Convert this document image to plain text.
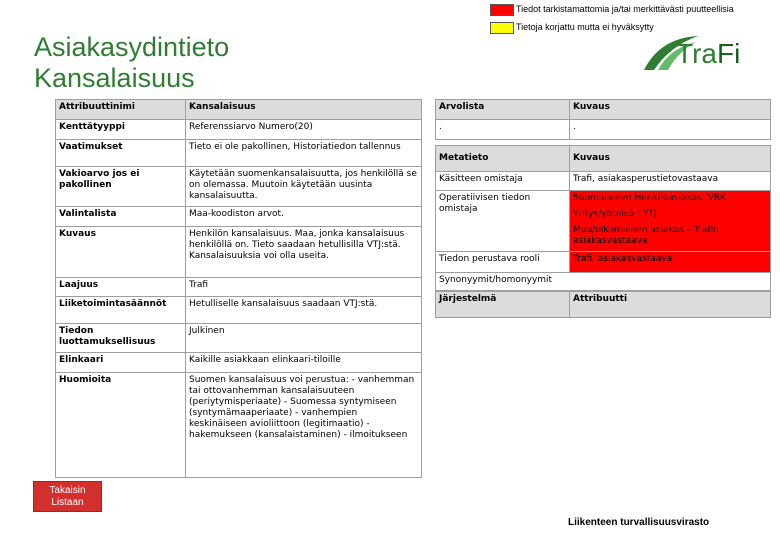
Tiedot tarkistamattomia ja/tai merkittävästi puutteellisia
Tietoja korjattu mutta ei hyväksytty
Asiakasydintieto
Kansalaisuus
TraFi
Attribuuttinimi	Kansalaisuus
Kenttätyyppi	Referenssiarvo Numero(20)
Vaatimukset	Tieto ei ole pakollinen, Historiatiedon tallennus
Vakioarvo jos ei pakollinen	Käytetään suomenkansalaisuutta, jos henkilöllä se on olemassa. Muutoin käytetään uusinta kansalaisuutta.
Valintalista	Maa-koodiston arvot.
Kuvaus	Henkilön kansalaisuus. Maa, jonka kansalaisuus henkilöllä on. Tieto saadaan hetullisilla VTJ:stä. Kansalaisuuksia voi olla useita.
Laajuus	Trafi
Liiketoimintasäännöt	Hetulliselle kansalaisuus saadaan VTJ:stä.
Tiedon luottamuksellisuus	Julkinen
Elinkaari	Kaikille asiakkaan elinkaari-tiloille
Huomioita	Suomen kansalaisuus voi perustua: - vanhemman tai ottovanhemman kansalaisuuteen (periytymisperiaate) - Suomessa syntymiseen (syntymämaaperiaate) - vanhempien keskinäiseen avioliittoon (legitimaatio) - hakemukseen (kansalaistaminen) - ilmoitukseen
Arvolista	Kuvaus
.	.
Metatieto	Kuvaus
Käsitteen omistaja	Trafi, asiakasperustietovastaava
Operatiivisen tiedon omistaja	Suomalainen Henkilöasiakas: VRK
Yritys/yhteisö : YTJ
Muu/ulkomainen asiakas – Trafin asiakasvastaava

Tiedon perustava rooli	Trafi, asiakasvastaava
Synonyymit/homonyymit	
Järjestelmä	Attribuutti
Takaisin
Listaan
Liikenteen turvallisuusvirasto
